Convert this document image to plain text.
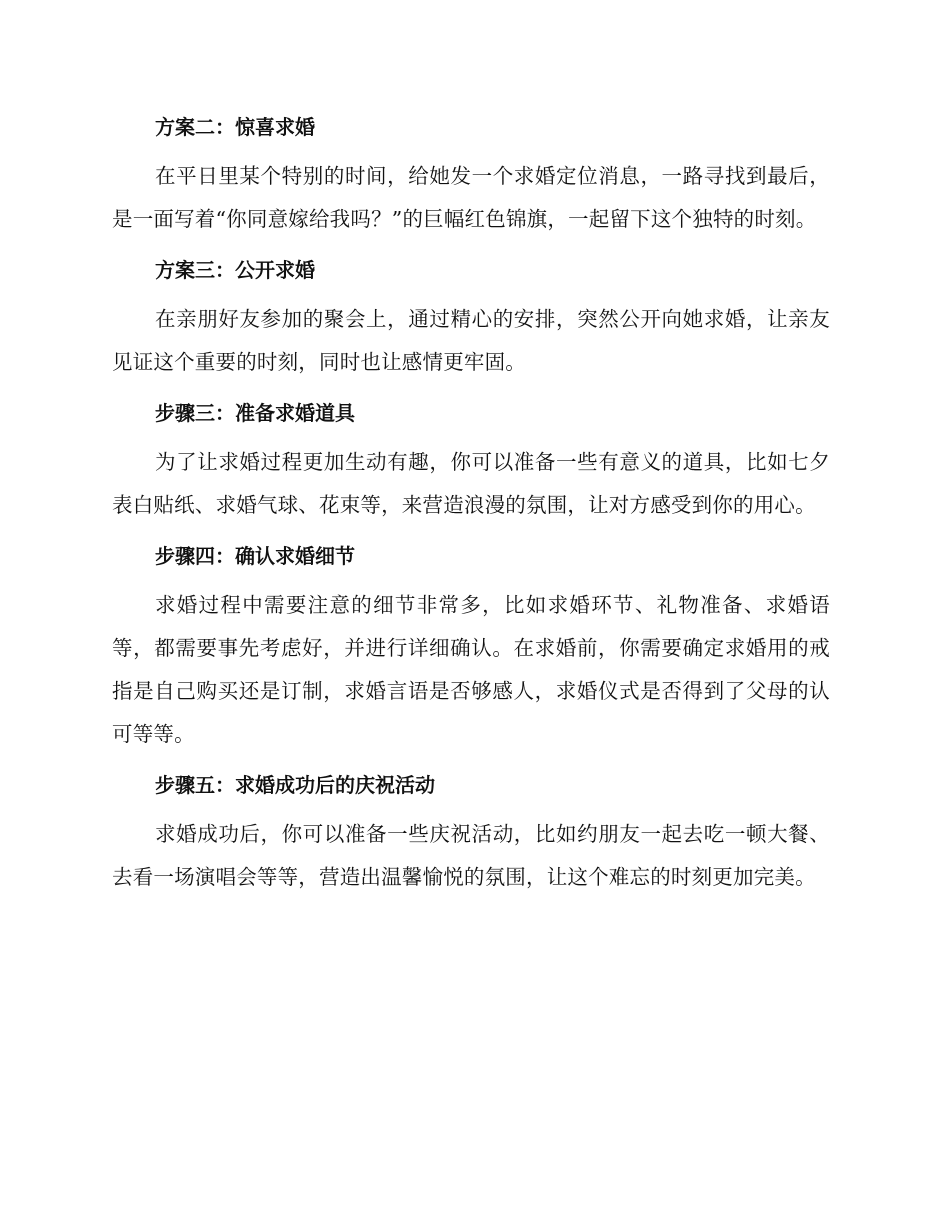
方案二：惊喜求婚

在平日里某个特别的时间，给她发一个求婚定位消息，一路寻找到最后，是一面写着“你同意嫁给我吗？”的巨幅红色锦旗，一起留下这个独特的时刻。

方案三：公开求婚

在亲朋好友参加的聚会上，通过精心的安排，突然公开向她求婚，让亲友见证这个重要的时刻，同时也让感情更牢固。

步骤三：准备求婚道具

为了让求婚过程更加生动有趣，你可以准备一些有意义的道具，比如七夕表白贴纸、求婚气球、花束等，来营造浪漫的氛围，让对方感受到你的用心。

步骤四：确认求婚细节

求婚过程中需要注意的细节非常多，比如求婚环节、礼物准备、求婚语等，都需要事先考虑好，并进行详细确认。在求婚前，你需要确定求婚用的戒指是自己购买还是订制，求婚言语是否够感人，求婚仪式是否得到了父母的认可等等。

步骤五：求婚成功后的庆祝活动

求婚成功后，你可以准备一些庆祝活动，比如约朋友一起去吃一顿大餐、去看一场演唱会等等，营造出温馨愉悦的氛围，让这个难忘的时刻更加完美。
